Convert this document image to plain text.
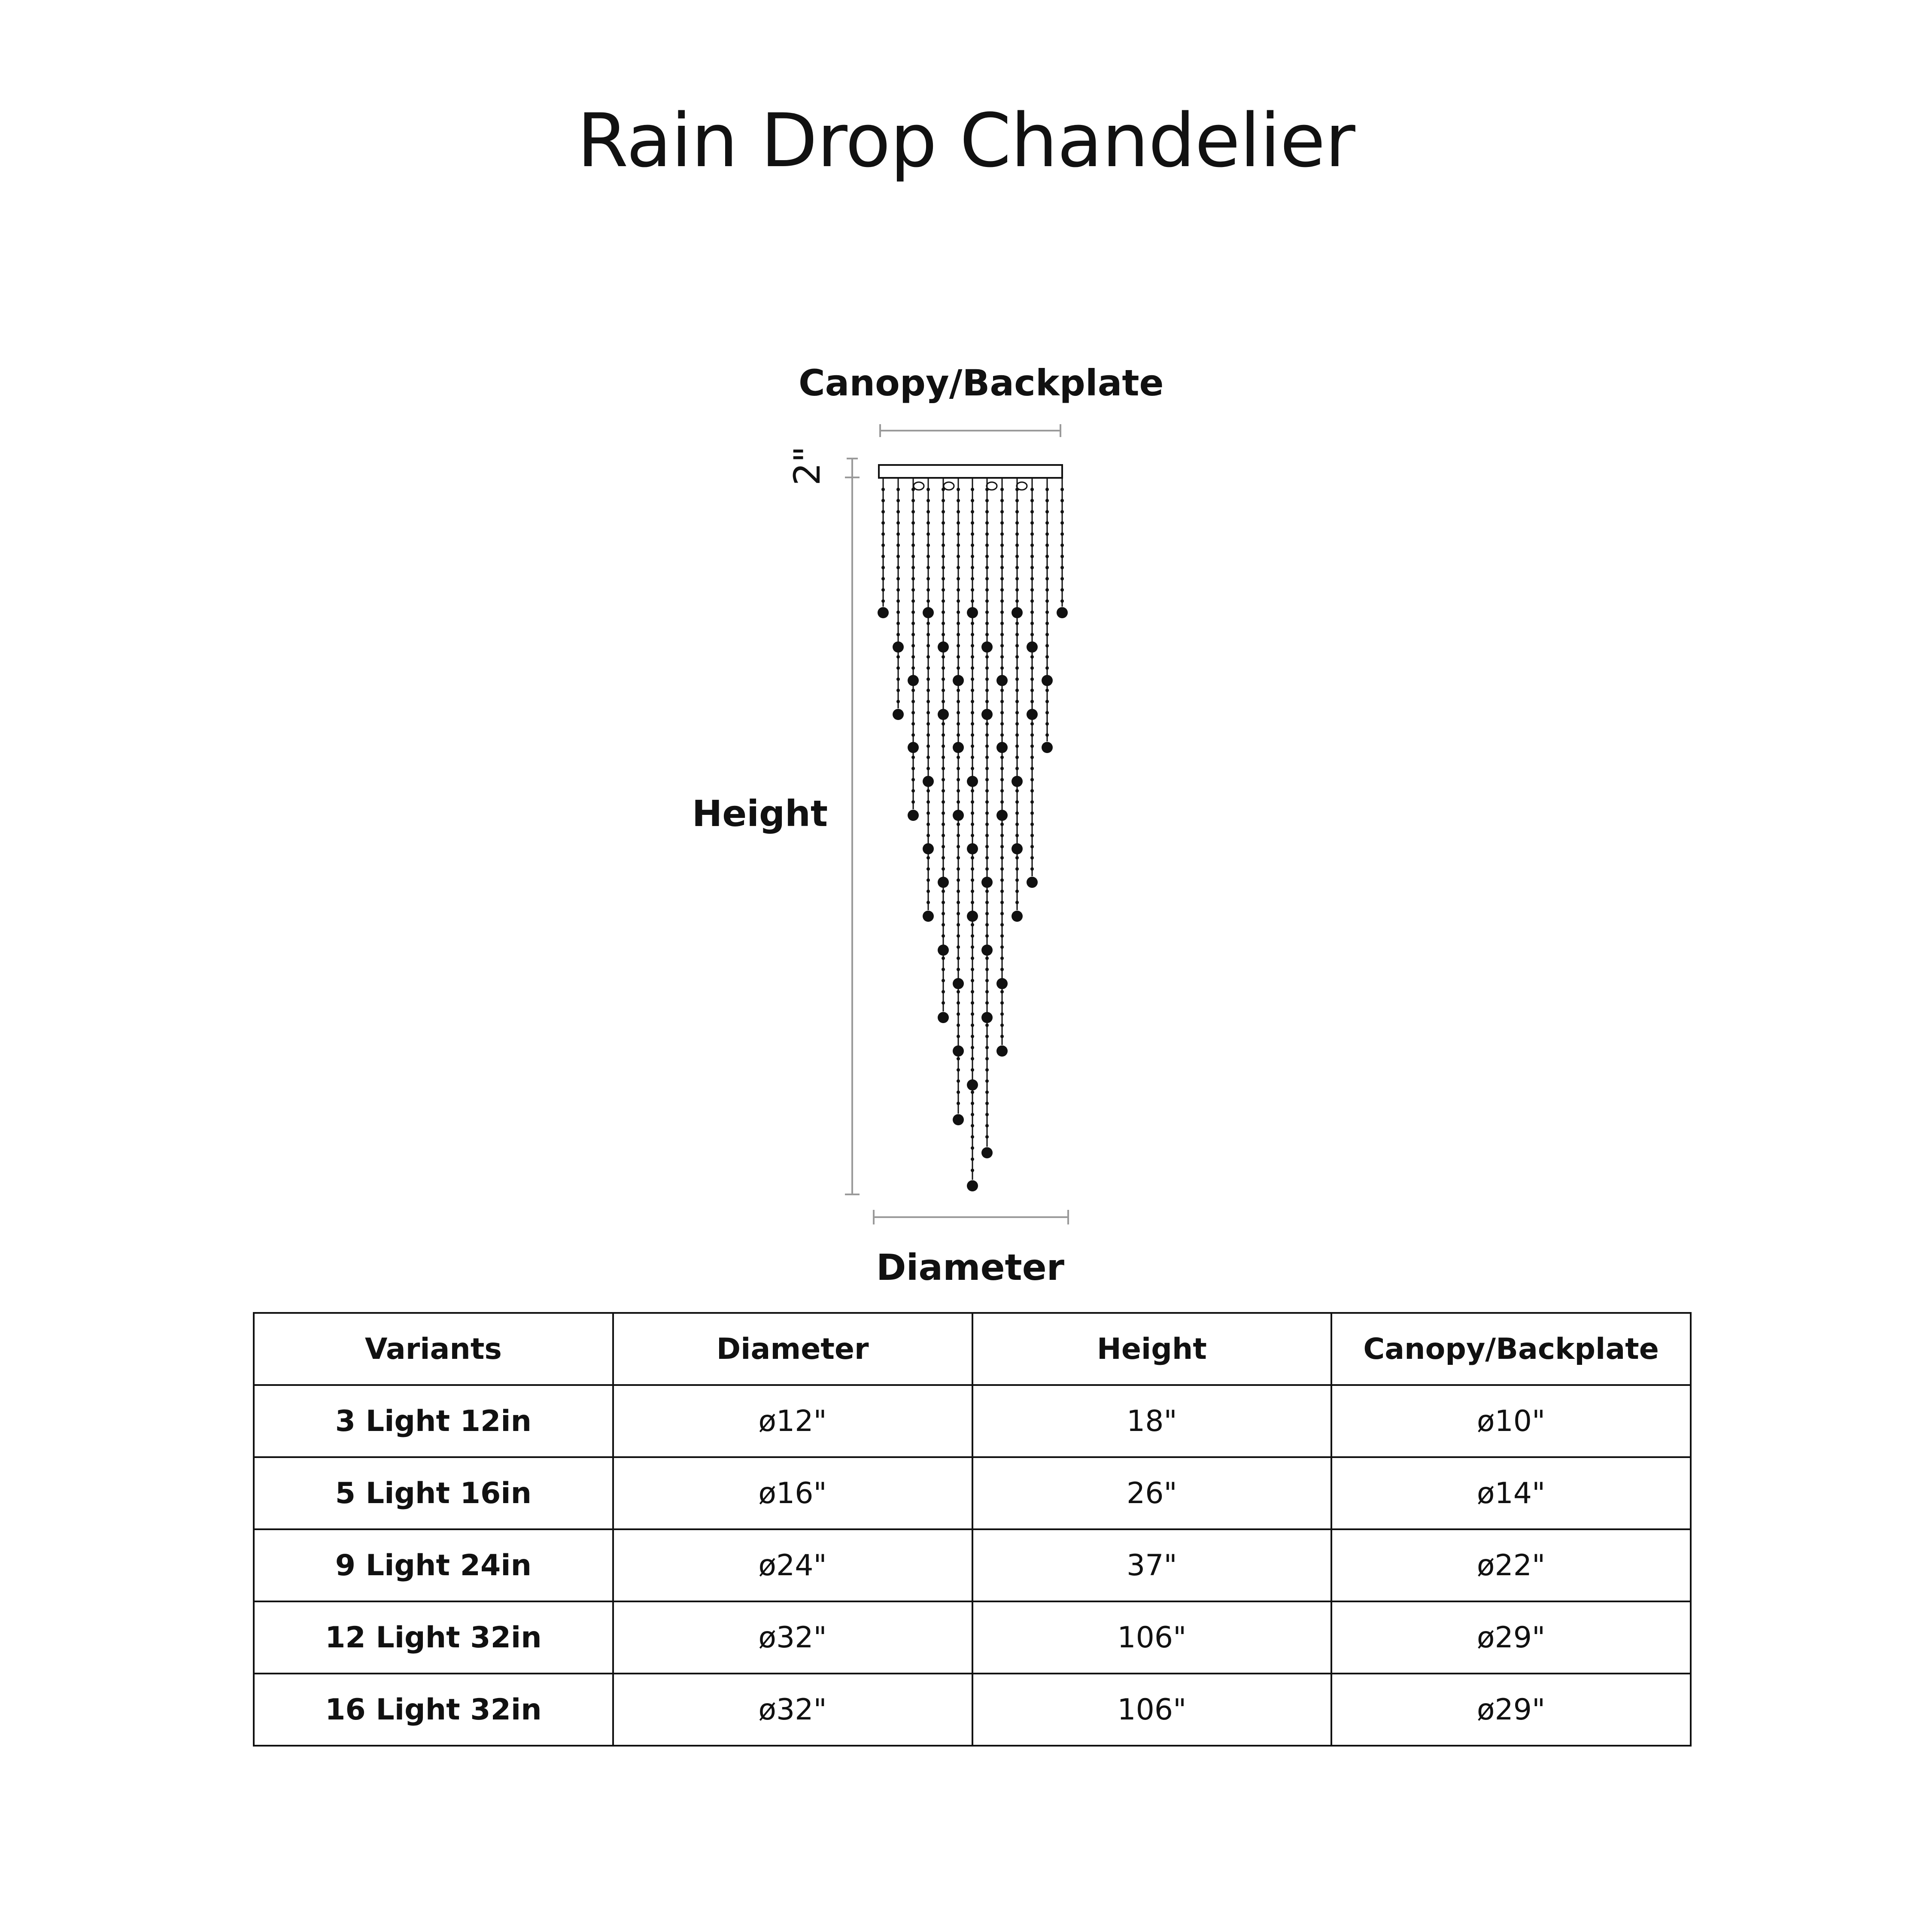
Rain Drop Chandelier
Canopy/Backplate
2"
Height
Diameter
Variants	Diameter	Height	Canopy/Backplate
3 Light 12in	ø12"	18"	ø10"
5 Light 16in	ø16"	26"	ø14"
9 Light 24in	ø24"	37"	ø22"
12 Light 32in	ø32"	106"	ø29"
16 Light 32in	ø32"	106"	ø29"
